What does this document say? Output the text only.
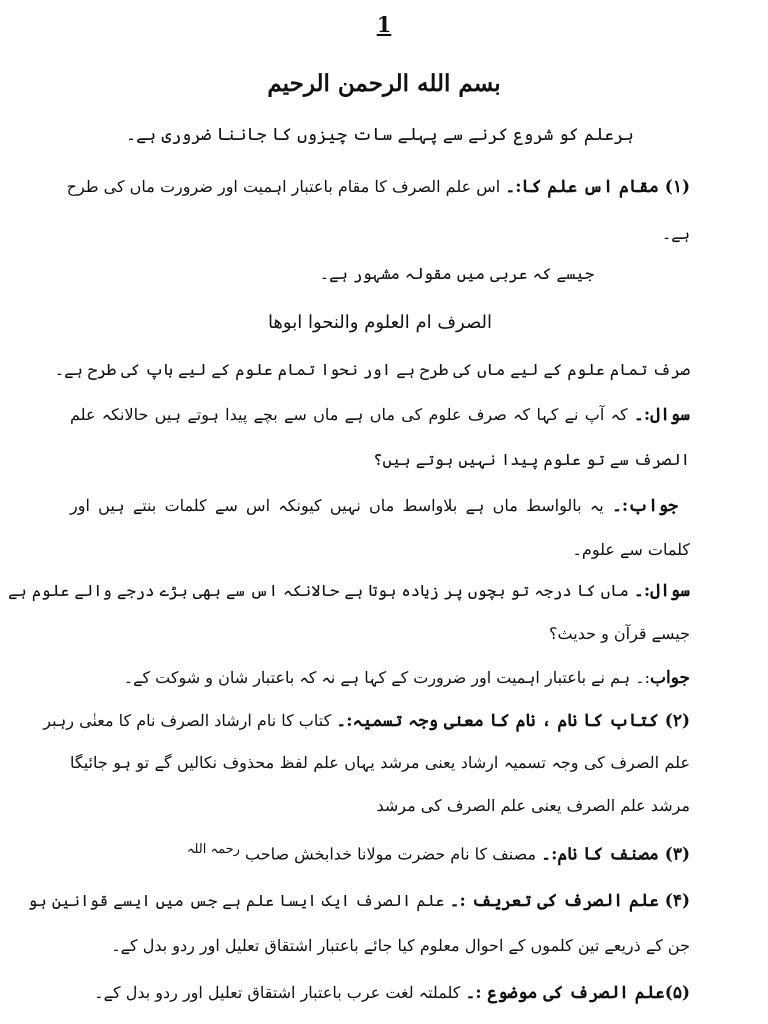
1
بسم الله الرحمن الرحیم
ہرعلم کو شروع کرنے سے پہلے سات چیزوں کا جاننا ضروری ہے۔
(۱) مقام اس علم کا:۔ اس علم الصرف کا مقام باعتبار اہمیت اور ضرورت ماں کی طرح
ہے۔
جیسے کہ عربی میں مقولہ مشہور ہے۔
الصرف ام العلوم والنحوا ابوھا
صرف تمام علوم کے لیے ماں کی طرح ہے اور نحوا تمام علوم کے لیے باپ کی طرح ہے۔
سوال:۔ کہ آپ نے کہا کہ صرف علوم کی ماں ہے ماں سے بچے پیدا ہوتے ہیں حالانکہ علم
الصرف سے تو علوم پیدا نہیں ہوتے ہیں؟
جواب:۔ یہ بالواسط ماں ہے بلاواسط ماں نہیں کیونکہ اس سے کلمات بنتے ہیں اور
کلمات سے علوم۔
سوال:۔ ماں کا درجہ تو بچوں پر زیادہ ہوتا ہے حالانکہ اس سے بھی بڑے درجے والے علوم ہے
جیسے قرآن و حدیث؟
جواب:۔ ہم نے باعتبار اہمیت اور ضرورت کے کہا ہے نہ کہ باعتبار شان و شوکت کے۔
(۲) کتاب کا نام ، نام کا معنٰی وجہ تسمیہ:۔ کتاب کا نام ارشاد الصرف نام کا معنٰی رہبر
علم الصرف کی وجہ تسمیہ ارشاد یعنی مرشد یہاں علم لفظ محذوف نکالیں گے تو ہو جائیگا
مرشد علم الصرف یعنی علم الصرف کی مرشد
(۳) مصنف کا نام:۔ مصنف کا نام حضرت مولانا خدابخش صاحب $^{رحمہ اللہ}$
(۴) علم الصرف کی تعریف :۔ علم الصرف ایک ایسا علم ہے جس میں ایسے قوانین ہو
جن کے ذریعے تین کلموں کے احوال معلوم کیا جائے باعتبار اشتقاق تعلیل اور ردو بدل کے۔
(۵)علم الصرف کی موضوع :۔ کلملتہ لغت عرب باعتبار اشتقاق تعلیل اور ردو بدل کے۔
